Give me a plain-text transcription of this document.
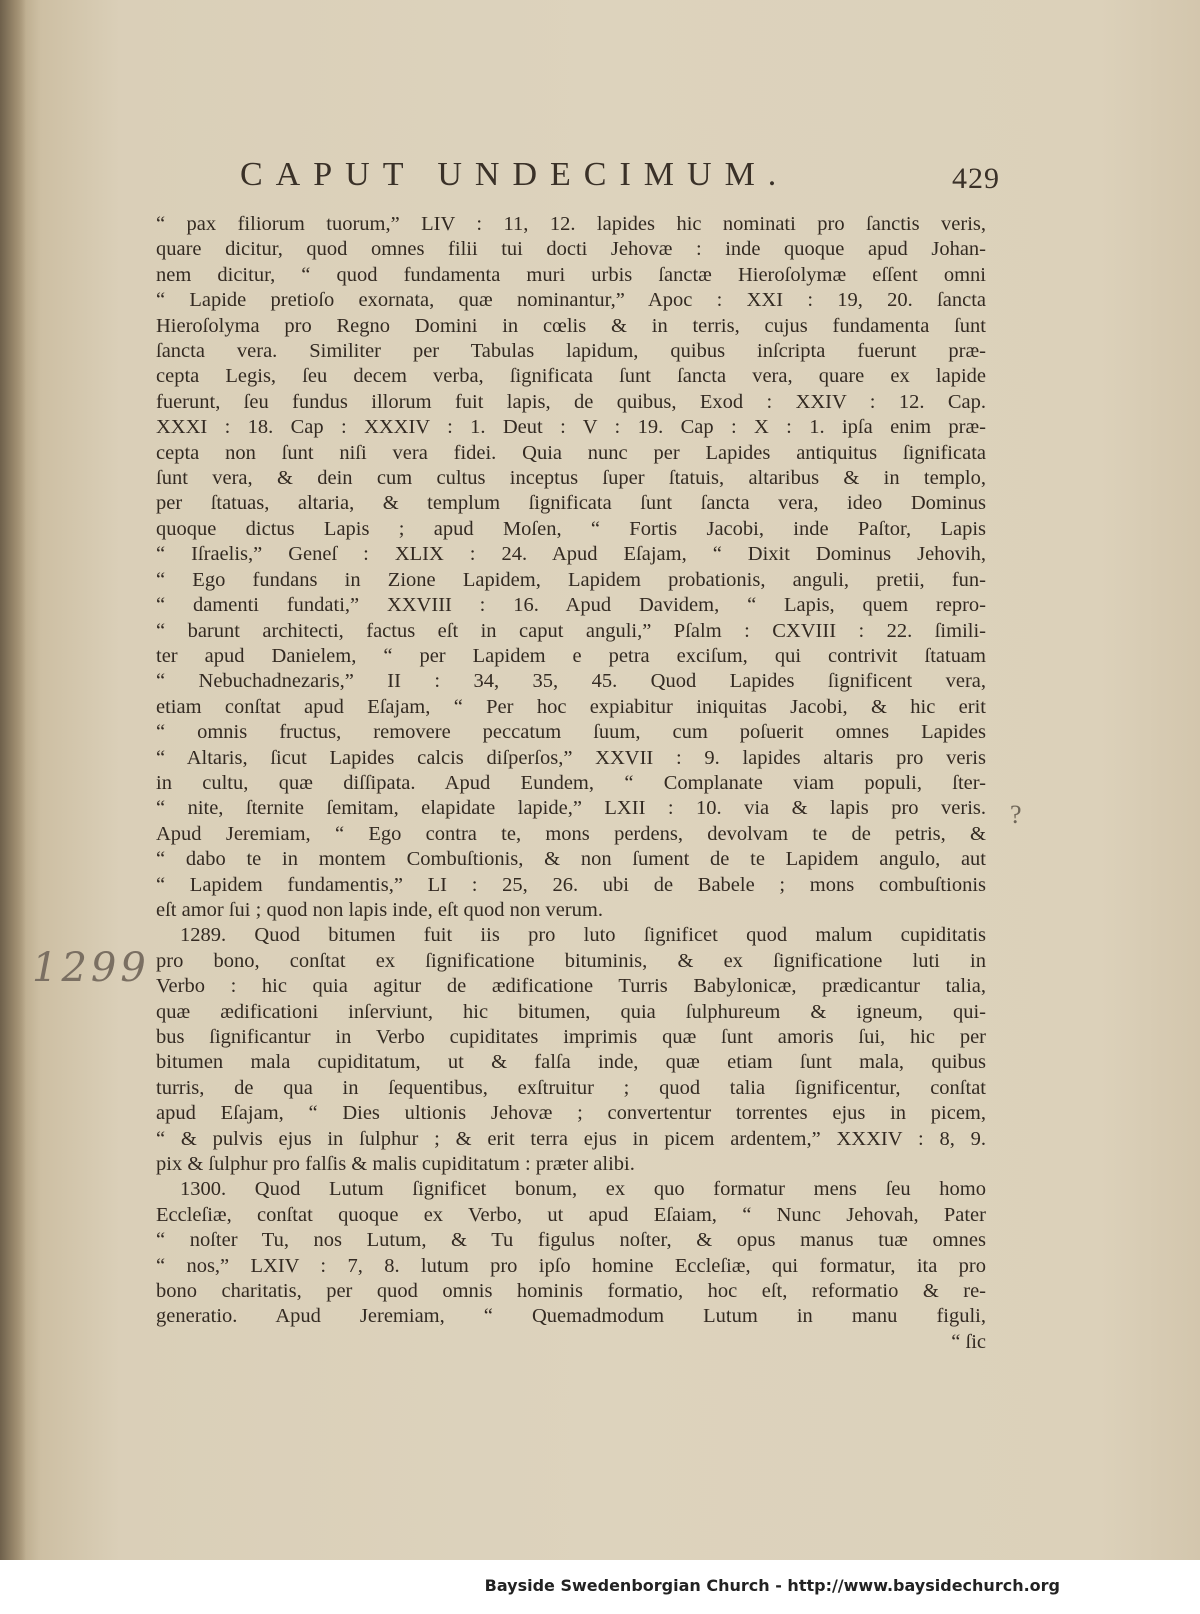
CAPUT UNDECIMUM.	429
“ pax filiorum tuorum,” LIV : 11, 12. lapides hic nominati pro ſanctis veris,
quare dicitur, quod omnes filii tui docti Jehovæ : inde quoque apud Johan-
nem dicitur, “ quod fundamenta muri urbis ſanctæ Hieroſolymæ eſſent omni
“ Lapide pretioſo exornata, quæ nominantur,” Apoc : XXI : 19, 20. ſancta
Hieroſolyma pro Regno Domini in cœlis & in terris, cujus fundamenta ſunt
ſancta vera. Similiter per Tabulas lapidum, quibus inſcripta fuerunt præ-
cepta Legis, ſeu decem verba, ſignificata ſunt ſancta vera, quare ex lapide
fuerunt, ſeu fundus illorum fuit lapis, de quibus, Exod : XXIV : 12. Cap.
XXXI : 18. Cap : XXXIV : 1. Deut : V : 19. Cap : X : 1. ipſa enim præ-
cepta non ſunt niſi vera fidei. Quia nunc per Lapides antiquitus ſignificata
ſunt vera, & dein cum cultus inceptus ſuper ſtatuis, altaribus & in templo,
per ſtatuas, altaria, & templum ſignificata ſunt ſancta vera, ideo Dominus
quoque dictus Lapis ; apud Moſen, “ Fortis Jacobi, inde Paſtor, Lapis
“ Iſraelis,” Geneſ : XLIX : 24. Apud Eſajam, “ Dixit Dominus Jehovih,
“ Ego fundans in Zione Lapidem, Lapidem probationis, anguli, pretii, fun-
“ damenti fundati,” XXVIII : 16. Apud Davidem, “ Lapis, quem repro-
“ barunt architecti, factus eſt in caput anguli,” Pſalm : CXVIII : 22. ſimili-
ter apud Danielem, “ per Lapidem e petra exciſum, qui contrivit ſtatuam
“ Nebuchadnezaris,” II : 34, 35, 45. Quod Lapides ſignificent vera,
etiam conſtat apud Eſajam, “ Per hoc expiabitur iniquitas Jacobi, & hic erit
“ omnis fructus, removere peccatum ſuum, cum poſuerit omnes Lapides
“ Altaris, ſicut Lapides calcis diſperſos,” XXVII : 9. lapides altaris pro veris
in cultu, quæ diſſipata. Apud Eundem, “ Complanate viam populi, ſter-
“ nite, ſternite ſemitam, elapidate lapide,” LXII : 10. via & lapis pro veris.
Apud Jeremiam, “ Ego contra te, mons perdens, devolvam te de petris, &
“ dabo te in montem Combuſtionis, & non ſument de te Lapidem angulo, aut
“ Lapidem fundamentis,” LI : 25, 26. ubi de Babele ; mons combuſtionis
eſt amor ſui ; quod non lapis inde, eſt quod non verum.
1289. Quod bitumen fuit iis pro luto ſignificet quod malum cupiditatis
pro bono, conſtat ex ſignificatione bituminis, & ex ſignificatione luti in
Verbo : hic quia agitur de ædificatione Turris Babylonicæ, prædicantur talia,
quæ ædificationi inſerviunt, hic bitumen, quia ſulphureum & igneum, qui-
bus ſignificantur in Verbo cupiditates imprimis quæ ſunt amoris ſui, hic per
bitumen mala cupiditatum, ut & falſa inde, quæ etiam ſunt mala, quibus
turris, de qua in ſequentibus, exſtruitur ; quod talia ſignificentur, conſtat
apud Eſajam, “ Dies ultionis Jehovæ ; convertentur torrentes ejus in picem,
“ & pulvis ejus in ſulphur ; & erit terra ejus in picem ardentem,” XXXIV : 8, 9.
pix & ſulphur pro falſis & malis cupiditatum : præter alibi.
1300. Quod Lutum ſignificet bonum, ex quo formatur mens ſeu homo
Eccleſiæ, conſtat quoque ex Verbo, ut apud Eſaiam, “ Nunc Jehovah, Pater
“ noſter Tu, nos Lutum, & Tu figulus noſter, & opus manus tuæ omnes
“ nos,” LXIV : 7, 8. lutum pro ipſo homine Eccleſiæ, qui formatur, ita pro
bono charitatis, per quod omnis hominis formatio, hoc eſt, reformatio & re-
generatio. Apud Jeremiam, “ Quemadmodum Lutum in manu figuli,
“ ſic
1299
?
Bayside Swedenborgian Church - http://www.baysidechurch.org
